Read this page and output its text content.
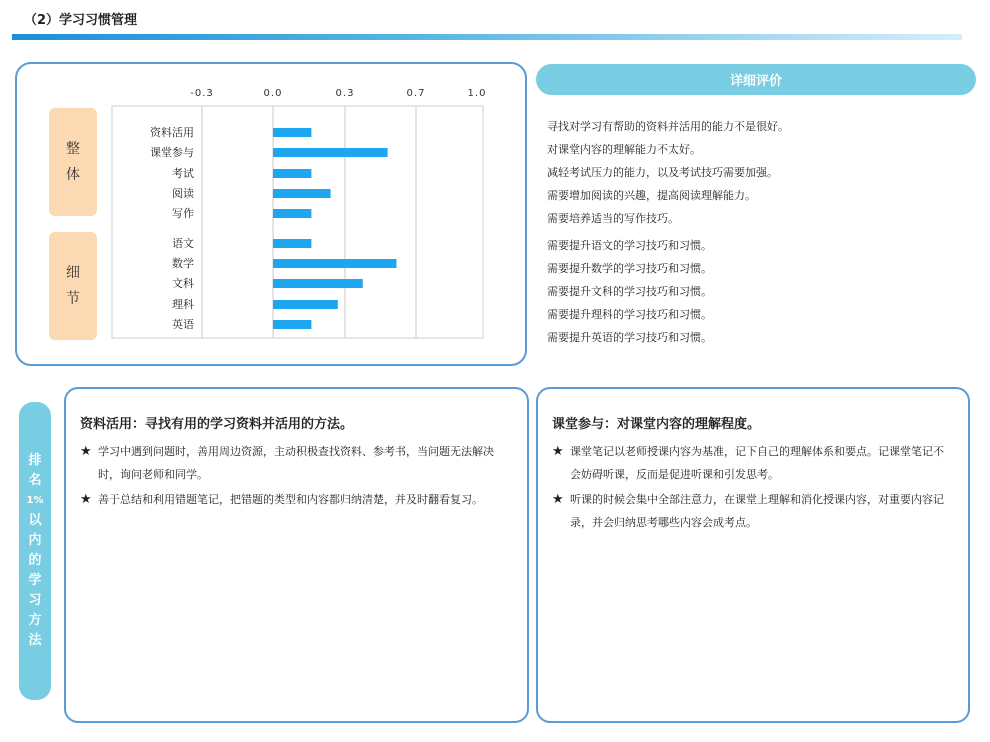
（2）学习习惯管理
整
体
细
节
-0.3	0.0	0.3	0.7	1.0
资料活用
课堂参与
考试
阅读
写作
语文
数学
文科
理科
英语
详细评价
寻找对学习有帮助的资料并活用的能力不是很好。
对课堂内容的理解能力不太好。
减轻考试压力的能力，以及考试技巧需要加强。
需要增加阅读的兴趣，提高阅读理解能力。
需要培养适当的写作技巧。
需要提升语文的学习技巧和习惯。
需要提升数学的学习技巧和习惯。
需要提升文科的学习技巧和习惯。
需要提升理科的学习技巧和习惯。
需要提升英语的学习技巧和习惯。
排
名
1%
以
内
的
学
习
方
法
资料活用：寻找有用的学习资料并活用的方法。
★ 学习中遇到问题时，善用周边资源，主动积极查找资料、参考书，当问题无法解决时，询问老师和同学。
★ 善于总结和利用错题笔记，把错题的类型和内容都归纳清楚，并及时翻看复习。
课堂参与：对课堂内容的理解程度。
★ 课堂笔记以老师授课内容为基准，记下自己的理解体系和要点。记课堂笔记不会妨碍听课，反而是促进听课和引发思考。
★ 听课的时候会集中全部注意力，在课堂上理解和消化授课内容，对重要内容记录，并会归纳思考哪些内容会成考点。
